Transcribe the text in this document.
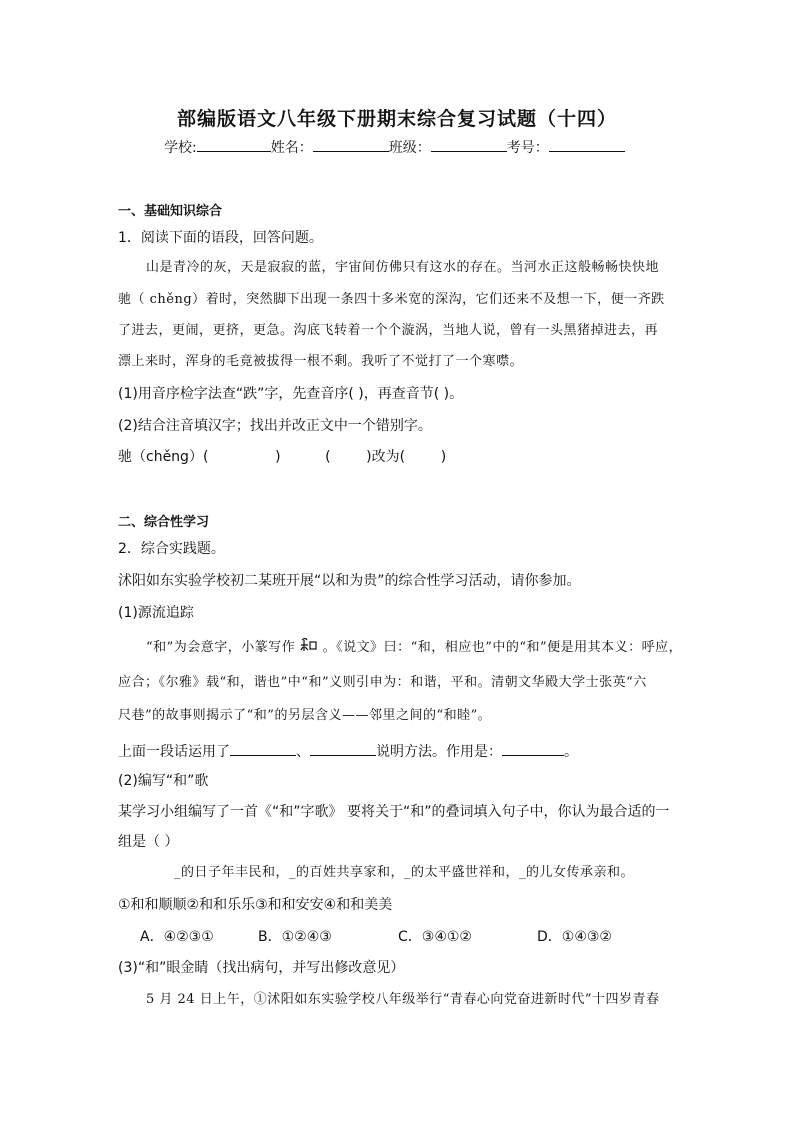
部编版语文八年级下册期末综合复习试题（十四）
学校:	姓名：	班级：	考号：
一、基础知识综合
1．阅读下面的语段，回答问题。
山是青冷的灰，天是寂寂的蓝，宇宙间仿佛只有这水的存在。当河水正这般畅畅快快地
驰（ chěng）着时，突然脚下出现一条四十多米宽的深沟，它们还来不及想一下，便一齐跌
了进去，更闹，更挤，更急。沟底飞转着一个个漩涡，当地人说，曾有一头黑猪掉进去，再
漂上来时，浑身的毛竟被拔得一根不剩。我听了不觉打了一个寒噤。
(1)用音序检字法查“跌”字，先查音序( )，再查音节( )。
(2)结合注音填汉字；找出并改正文中一个错别字。
驰（chěng）(               )          (        )改为(        )
二、综合性学习
2．综合实践题。
沭阳如东实验学校初二某班开展“以和为贵”的综合性学习活动，请你参加。
(1)源流追踪
“和”为会意字，小篆写作 。《说文》曰：“和，相应也”中的“和”便是用其本义：呼应，
应合；《尔雅》载“和，谐也”中“和”义则引申为：和谐，平和。清朝文华殿大学士张英“六
尺巷”的故事则揭示了“和”的另层含义——邻里之间的“和睦”。
上面一段话运用了	、	说明方法。作用是：	。
(2)编写“和”歌
某学习小组编写了一首《“和”字歌》 要将关于“和”的叠词填入句子中，你认为最合适的一
组是（ ）
_的日子年丰民和，_的百姓共享家和，_的太平盛世祥和，_的儿女传承亲和。
①和和顺顺②和和乐乐③和和安安④和和美美
A．④②③①	B．①②④③	C．③④①②	D．①④③②
(3)“和”眼金睛（找出病句，并写出修改意见）
5 月 24 日上午，①沭阳如东实验学校八年级举行“青春心向党奋进新时代”十四岁青春
